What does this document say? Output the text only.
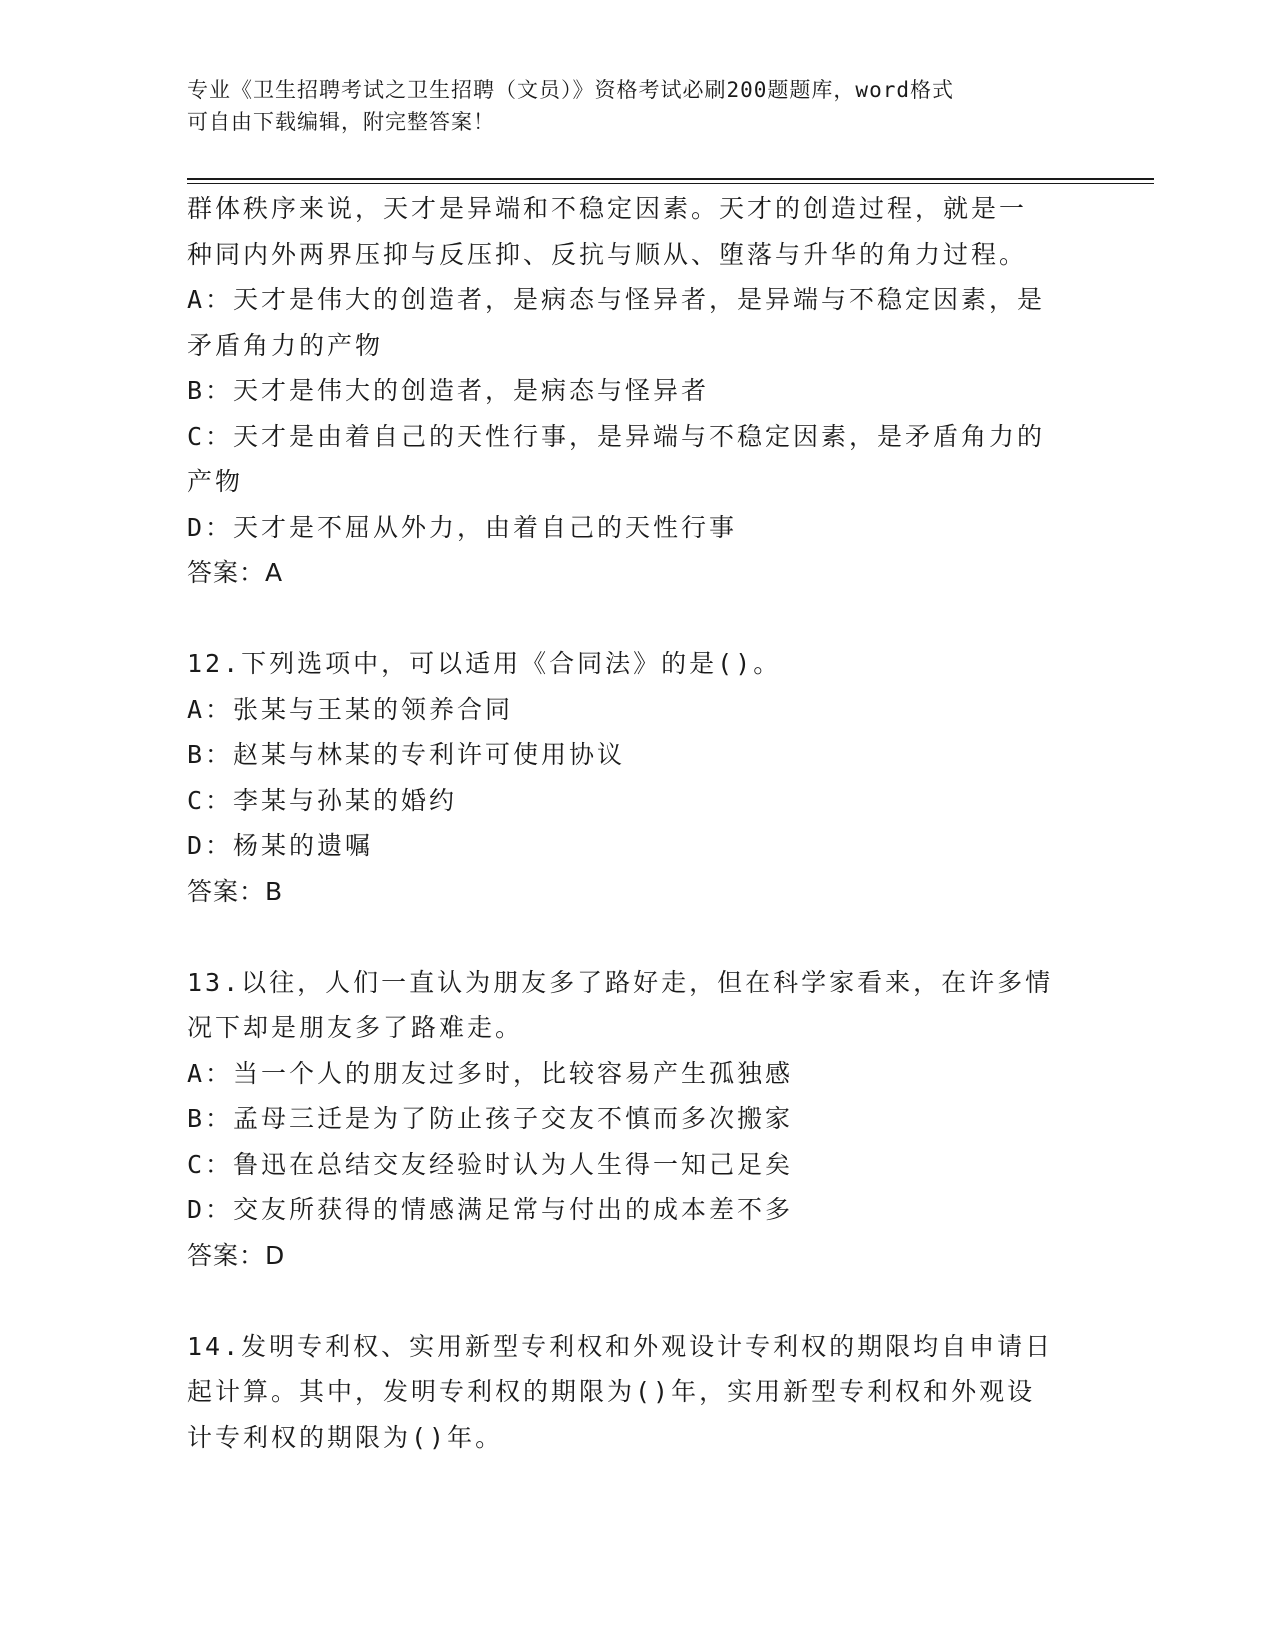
专业《卫生招聘考试之卫生招聘（文员）》资格考试必刷200题题库，word格式
可自由下载编辑，附完整答案！
群体秩序来说，天才是异端和不稳定因素。天才的创造过程，就是一
种同内外两界压抑与反压抑、反抗与顺从、堕落与升华的角力过程。
A：天才是伟大的创造者，是病态与怪异者，是异端与不稳定因素，是
矛盾角力的产物
B：天才是伟大的创造者，是病态与怪异者
C：天才是由着自己的天性行事，是异端与不稳定因素，是矛盾角力的
产物
D：天才是不屈从外力，由着自己的天性行事
答案：A
12.下列选项中，可以适用《合同法》的是()。
A：张某与王某的领养合同
B：赵某与林某的专利许可使用协议
C：李某与孙某的婚约
D：杨某的遗嘱
答案：B
13.以往，人们一直认为朋友多了路好走，但在科学家看来，在许多情
况下却是朋友多了路难走。
A：当一个人的朋友过多时，比较容易产生孤独感
B：孟母三迁是为了防止孩子交友不慎而多次搬家
C：鲁迅在总结交友经验时认为人生得一知己足矣
D：交友所获得的情感满足常与付出的成本差不多
答案：D
14.发明专利权、实用新型专利权和外观设计专利权的期限均自申请日
起计算。其中，发明专利权的期限为()年，实用新型专利权和外观设
计专利权的期限为()年。
